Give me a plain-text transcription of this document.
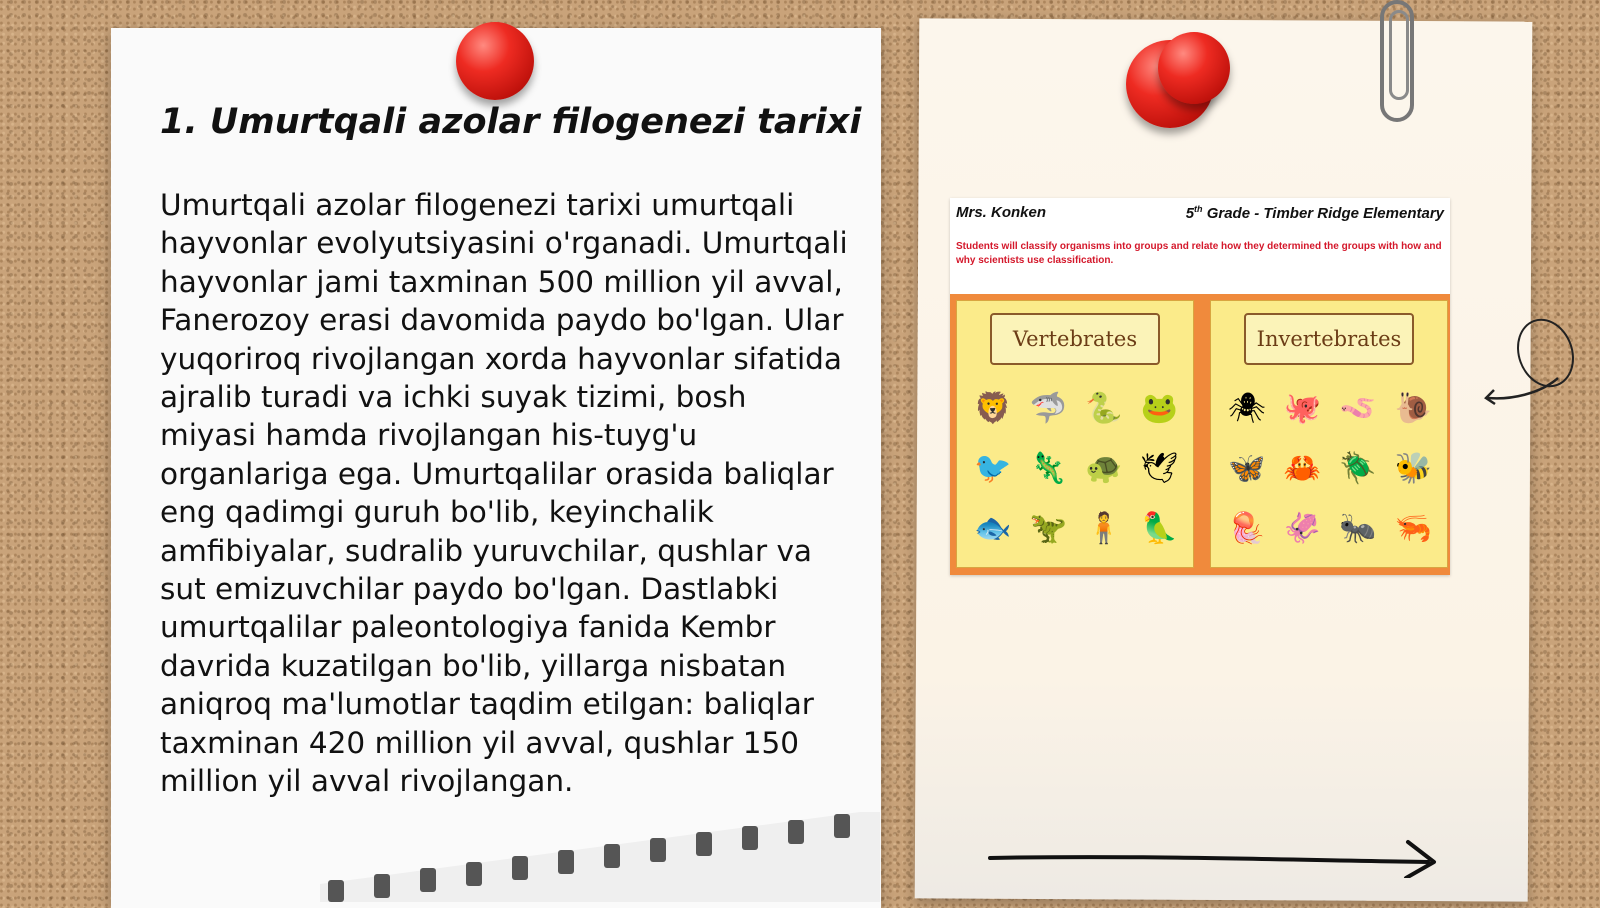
1. Umurtqali azolar filogenezi tarixi

Umurtqali azolar filogenezi tarixi umurtqali hayvonlar evolyutsiyasini o'rganadi. Umurtqali hayvonlar jami taxminan 500 million yil avval, Fanerozoy erasi davomida paydo bo'lgan. Ular yuqoriroq rivojlangan xorda hayvonlar sifatida ajralib turadi va ichki suyak tizimi, bosh miyasi hamda rivojlangan his-tuyg'u organlariga ega. Umurtqalilar orasida baliqlar eng qadimgi guruh bo'lib, keyinchalik amfibiyalar, sudralib yuruvchilar, qushlar va sut emizuvchilar paydo bo'lgan. Dastlabki umurtqalilar paleontologiya fanida Kembr davrida kuzatilgan bo'lib, yillarga nisbatan aniqroq ma'lumotlar taqdim etilgan: baliqlar taxminan 420 million yil avval, qushlar 150 million yil avval rivojlangan.

Mrs. Konken	5th Grade - Timber Ridge Elementary
Students will classify organisms into groups and relate how they determined the groups with how and why scientists use classification.
Vertebrates
🦁 🦈 🐍 🐸
🐦 🦎 🐢 🕊
🐟 🦖 🧍 🦜
Invertebrates
🕷 🐙 🪱 🐌
🦋 🦀 🪲 🐝
🪼 🦑 🐜 🦐
